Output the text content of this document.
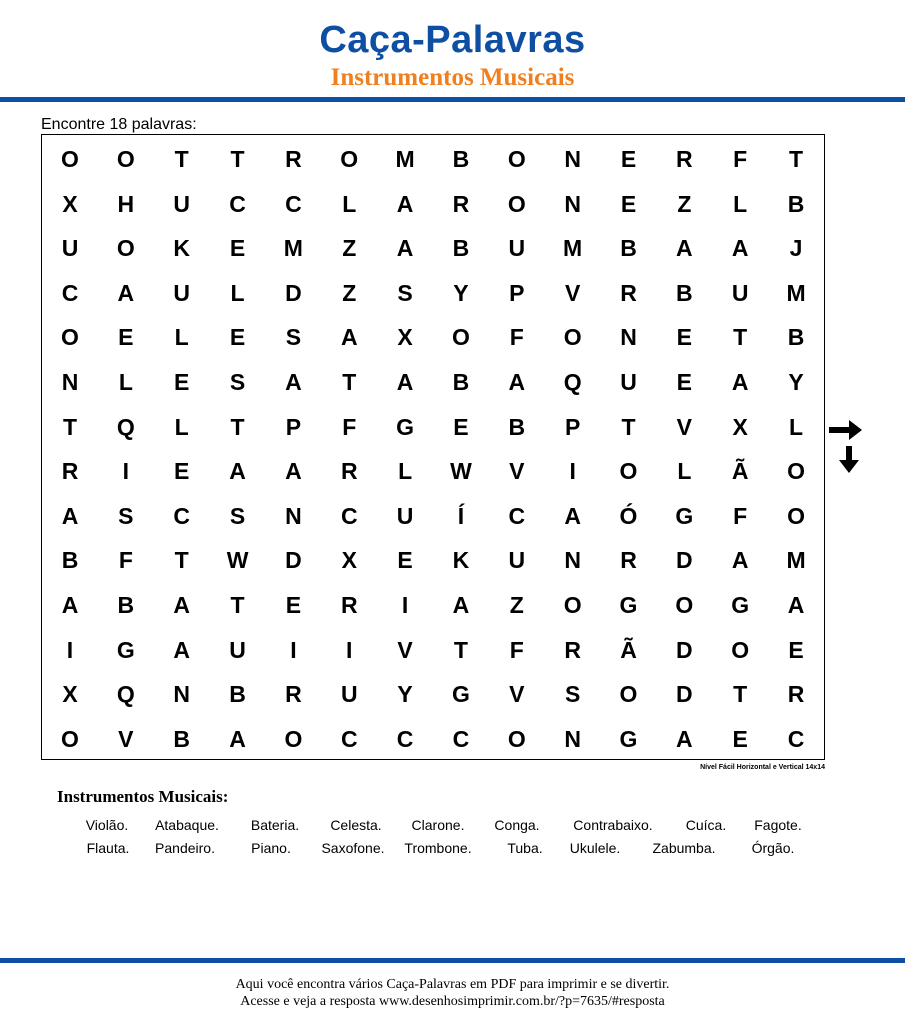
Caça-Palavras
Instrumentos Musicais
Encontre 18 palavras:
O	O	T	T	R	O	M	B	O	N	E	R	F	T
X	H	U	C	C	L	A	R	O	N	E	Z	L	B
U	O	K	E	M	Z	A	B	U	M	B	A	A	J
C	A	U	L	D	Z	S	Y	P	V	R	B	U	M
O	E	L	E	S	A	X	O	F	O	N	E	T	B
N	L	E	S	A	T	A	B	A	Q	U	E	A	Y
T	Q	L	T	P	F	G	E	B	P	T	V	X	L
R	I	E	A	A	R	L	W	V	I	O	L	Ã	O
A	S	C	S	N	C	U	Í	C	A	Ó	G	F	O
B	F	T	W	D	X	E	K	U	N	R	D	A	M
A	B	A	T	E	R	I	A	Z	O	G	O	G	A
I	G	A	U	I	I	V	T	F	R	Ã	D	O	E
X	Q	N	B	R	U	Y	G	V	S	O	D	T	R
O	V	B	A	O	C	C	C	O	N	G	A	E	C
Nível Fácil Horizontal e Vertical 14x14
Instrumentos Musicais:
Violão. Atabaque. Bateria. Celesta. Clarone. Conga. Contrabaixo. Cuíca. Fagote.
Flauta. Pandeiro.	Piano. Saxofone. Trombone.	Tuba. Ukulele. Zabumba.	Órgão.
Aqui você encontra vários Caça-Palavras em PDF para imprimir e se divertir.
Acesse e veja a resposta www.desenhosimprimir.com.br/?p=7635/#resposta
